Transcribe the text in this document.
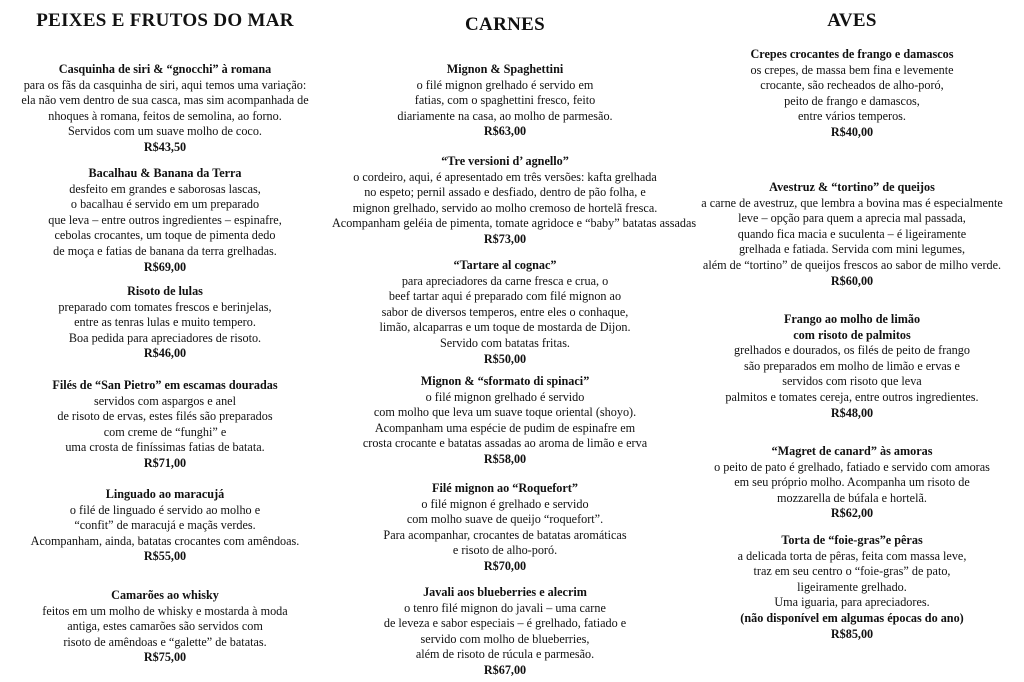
PEIXES E FRUTOS DO MAR
Casquinha de siri & “gnocchi” à romana
para os fãs da casquinha de siri, aqui temos uma variação:
ela não vem dentro de sua casca, mas sim acompanhada de
nhoques à romana, feitos de semolina, ao forno.
Servidos com um suave molho de coco.
R$43,50
Bacalhau & Banana da Terra
desfeito em grandes e saborosas lascas,
o bacalhau é servido em um preparado
que leva – entre outros ingredientes – espinafre,
cebolas crocantes, um toque de pimenta dedo
de moça e fatias de banana da terra grelhadas.
R$69,00
Risoto de lulas
preparado com tomates frescos e berinjelas,
entre as tenras lulas e muito tempero.
Boa pedida para apreciadores de risoto.
R$46,00
Filés de “San Pietro” em escamas douradas
servidos com aspargos e anel
de risoto de ervas, estes filés são preparados
com creme de “funghi” e
uma crosta de finíssimas fatias de batata.
R$71,00
Linguado ao maracujá
o filé de linguado é servido ao molho e
“confit” de maracujá e maçãs verdes.
Acompanham, ainda, batatas crocantes com amêndoas.
R$55,00
Camarões ao whisky
feitos em um molho de whisky e mostarda à moda
antiga, estes camarões são servidos com
risoto de amêndoas e “galette” de batatas.
R$75,00
CARNES
Mignon & Spaghettini
o filé mignon grelhado é servido em
fatias, com o spaghettini fresco, feito
diariamente na casa, ao molho de parmesão.
R$63,00
“Tre versioni d’ agnello”
o cordeiro, aqui, é apresentado em três versões: kafta grelhada
no espeto; pernil assado e desfiado, dentro de pão folha, e
mignon grelhado, servido ao molho cremoso de hortelã fresca.
Acompanham geléia de pimenta, tomate agridoce e “baby” batatas assadas
R$73,00
“Tartare al cognac”
para apreciadores da carne fresca e crua, o
beef tartar aqui é preparado com filé mignon ao
sabor de diversos temperos, entre eles o conhaque,
limão, alcaparras e um toque de mostarda de Dijon.
Servido com batatas fritas.
R$50,00
Mignon & “sformato di spinaci”
o filé mignon grelhado é servido
com molho que leva um suave toque oriental (shoyo).
Acompanham uma espécie de pudim de espinafre em
crosta crocante e batatas assadas ao aroma de limão e erva
R$58,00
Filé mignon ao “Roquefort”
o filé mignon é grelhado e servido
com molho suave de queijo “roquefort”.
Para acompanhar, crocantes de batatas aromáticas
e risoto de alho-poró.
R$70,00
Javali aos blueberries e alecrim
o tenro filé mignon do javali – uma carne
de leveza e sabor especiais – é grelhado, fatiado e
servido com molho de blueberries,
além de risoto de rúcula e parmesão.
R$67,00
AVES
Crepes crocantes de frango e damascos
os crepes, de massa bem fina e levemente
crocante, são recheados de alho-poró,
peito de frango e damascos,
entre vários temperos.
R$40,00
Avestruz & “tortino” de queijos
a carne de avestruz, que lembra a bovina mas é especialmente
leve – opção para quem a aprecia mal passada,
quando fica macia e suculenta – é ligeiramente
grelhada e fatiada. Servida com mini legumes,
além de “tortino” de queijos frescos ao sabor de milho verde.
R$60,00
Frango ao molho de limão
com risoto de palmitos
grelhados e dourados, os filés de peito de frango
são preparados em molho de limão e ervas e
servidos com risoto que leva
palmitos e tomates cereja, entre outros ingredientes.
R$48,00
“Magret de canard” às amoras
o peito de pato é grelhado, fatiado e servido com amoras
em seu próprio molho. Acompanha um risoto de
mozzarella de búfala e hortelã.
R$62,00
Torta de “foie-gras”e pêras
a delicada torta de pêras, feita com massa leve,
traz em seu centro o “foie-gras” de pato,
ligeiramente grelhado.
Uma iguaria, para apreciadores.
(não disponível em algumas épocas do ano)
R$85,00
